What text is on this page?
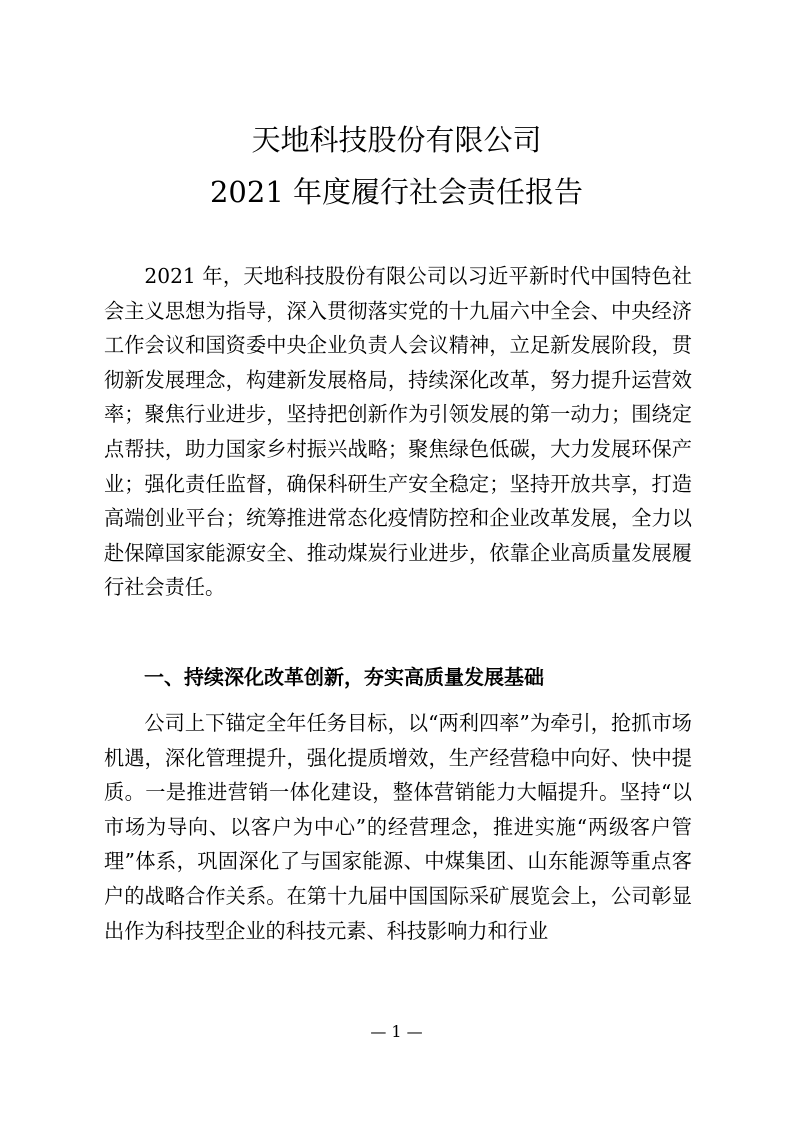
天地科技股份有限公司
2021 年度履行社会责任报告

2021 年，天地科技股份有限公司以习近平新时代中国特色社会主义思想为指导，深入贯彻落实党的十九届六中全会、中央经济工作会议和国资委中央企业负责人会议精神，立足新发展阶段，贯彻新发展理念，构建新发展格局，持续深化改革，努力提升运营效率；聚焦行业进步，坚持把创新作为引领发展的第一动力；围绕定点帮扶，助力国家乡村振兴战略；聚焦绿色低碳，大力发展环保产业；强化责任监督，确保科研生产安全稳定；坚持开放共享，打造高端创业平台；统筹推进常态化疫情防控和企业改革发展，全力以赴保障国家能源安全、推动煤炭行业进步，依靠企业高质量发展履行社会责任。

一、持续深化改革创新，夯实高质量发展基础

公司上下锚定全年任务目标，以“两利四率”为牵引，抢抓市场机遇，深化管理提升，强化提质增效，生产经营稳中向好、快中提质。一是推进营销一体化建设，整体营销能力大幅提升。坚持“以市场为导向、以客户为中心”的经营理念，推进实施“两级客户管理”体系，巩固深化了与国家能源、中煤集团、山东能源等重点客户的战略合作关系。在第十九届中国国际采矿展览会上，公司彰显出作为科技型企业的科技元素、科技影响力和行业

— 1 —
